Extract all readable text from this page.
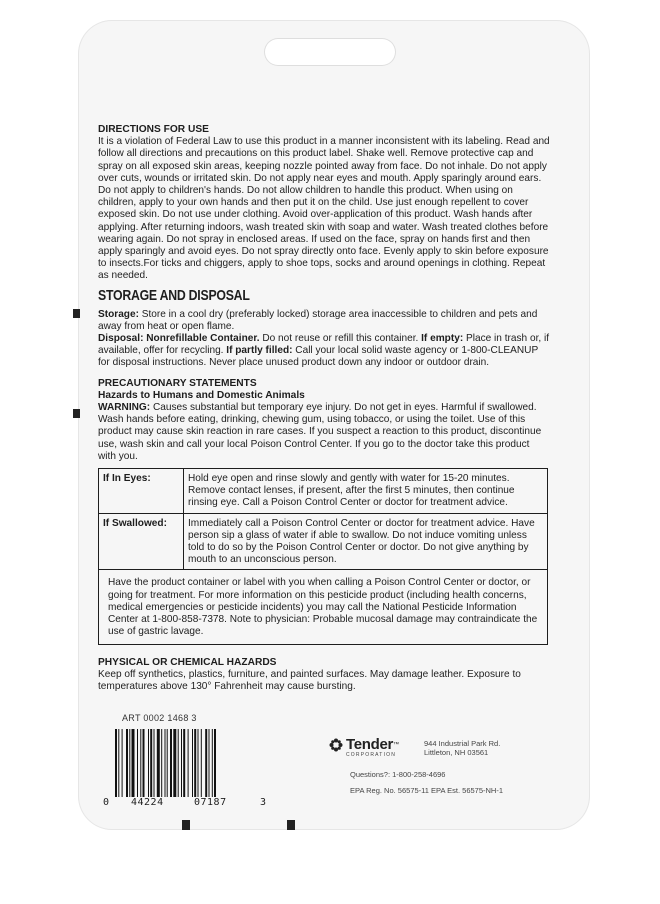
DIRECTIONS FOR USE

It is a violation of Federal Law to use this product in a manner inconsistent with its labeling. Read and follow all directions and precautions on this product label. Shake well. Remove protective cap and spray on all exposed skin areas, keeping nozzle pointed away from face. Do not inhale. Do not apply over cuts, wounds or irritated skin. Do not apply near eyes and mouth. Apply sparingly around ears. Do not apply to children's hands. Do not allow children to handle this product. When using on children, apply to your own hands and then put it on the child. Use just enough repellent to cover exposed skin. Do not use under clothing. Avoid over-application of this product. Wash hands after applying. After returning indoors, wash treated skin with soap and water. Wash treated clothes before wearing again. Do not spray in enclosed areas. If used on the face, spray on hands first and then apply sparingly and avoid eyes. Do not spray directly onto face. Evenly apply to skin before exposure to insects.For ticks and chiggers, apply to shoe tops, socks and around openings in clothing. Repeat as needed.

STORAGE AND DISPOSAL

Storage: Store in a cool dry (preferably locked) storage area inaccessible to children and pets and away from heat or open flame.

Disposal: Nonrefillable Container. Do not reuse or refill this container. If empty: Place in trash or, if available, offer for recycling. If partly filled: Call your local solid waste agency or 1-800-CLEANUP for disposal instructions. Never place unused product down any indoor or outdoor drain.

PRECAUTIONARY STATEMENTS

Hazards to Humans and Domestic Animals

WARNING: Causes substantial but temporary eye injury. Do not get in eyes. Harmful if swallowed. Wash hands before eating, drinking, chewing gum, using tobacco, or using the toilet. Use of this product may cause skin reaction in rare cases. If you suspect a reaction to this product, discontinue use, wash skin and call your local Poison Control Center. If you go to the doctor take this product with you.

If In Eyes:	Hold eye open and rinse slowly and gently with water for 15-20 minutes. Remove contact lenses, if present, after the first 5 minutes, then continue rinsing eye. Call a Poison Control Center or doctor for treatment advice.
If Swallowed:	Immediately call a Poison Control Center or doctor for treatment advice. Have person sip a glass of water if able to swallow. Do not induce vomiting unless told to do so by the Poison Control Center or doctor. Do not give anything by mouth to an unconscious person.
Have the product container or label with you when calling a Poison Control Center or doctor, or going for treatment. For more information on this pesticide product (including health concerns, medical emergencies or pesticide incidents) you may call the National Pesticide Information Center at 1-800-858-7378. Note to physician: Probable mucosal damage may contraindicate the use of gastric lavage.	

PHYSICAL OR CHEMICAL HAZARDS

Keep off synthetics, plastics, furniture, and painted surfaces. May damage leather. Exposure to temperatures above 130° Fahrenheit may cause bursting.

ART 0002 1468 3
0 44224	07187	3
Tender ™
CORPORATION
944 Industrial Park Rd.
Littleton, NH 03561
Questions?: 1-800-258-4696
EPA Reg. No. 56575-11 EPA Est. 56575-NH-1
